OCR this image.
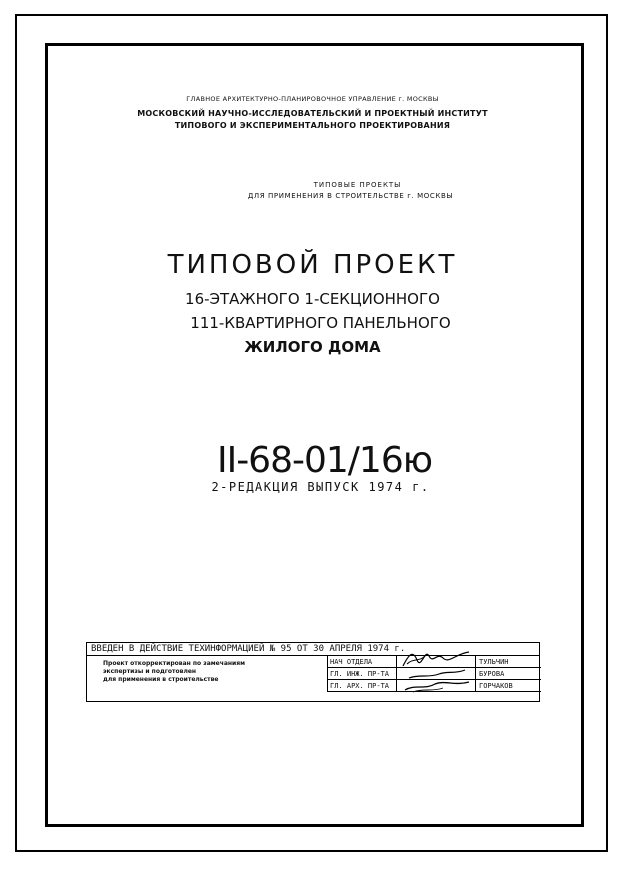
ГЛАВНОЕ АРХИТЕКТУРНО-ПЛАНИРОВОЧНОЕ УПРАВЛЕНИЕ г. МОСКВЫ
МОСКОВСКИЙ НАУЧНО-ИССЛЕДОВАТЕЛЬСКИЙ И ПРОЕКТНЫЙ ИНСТИТУТ
ТИПОВОГО И ЭКСПЕРИМЕНТАЛЬНОГО ПРОЕКТИРОВАНИЯ
ТИПОВЫЕ ПРОЕКТЫ
ДЛЯ ПРИМЕНЕНИЯ В СТРОИТЕЛЬСТВЕ г. МОСКВЫ
ТИПОВОЙ ПРОЕКТ
16-ЭТАЖНОГО 1-СЕКЦИОННОГО
111-КВАРТИРНОГО ПАНЕЛЬНОГО
ЖИЛОГО ДОМА
II-68-01/16ю
2-РЕДАКЦИЯ ВЫПУСК 1974 г.
ВВЕДЕН В ДЕЙСТВИЕ ТЕХИНФОРМАЦИЕЙ № 95 ОТ 30 АПРЕЛЯ 1974 г.
Проект откорректирован по замечаниям
экспертизы и подготовлен
для применения в строительстве
НАЧ ОТДЕЛА	ТУЛЬЧИН
ГЛ. ИНЖ. ПР-ТА	БУРОВА
ГЛ. АРХ. ПР-ТА	ГОРЧАКОВ
